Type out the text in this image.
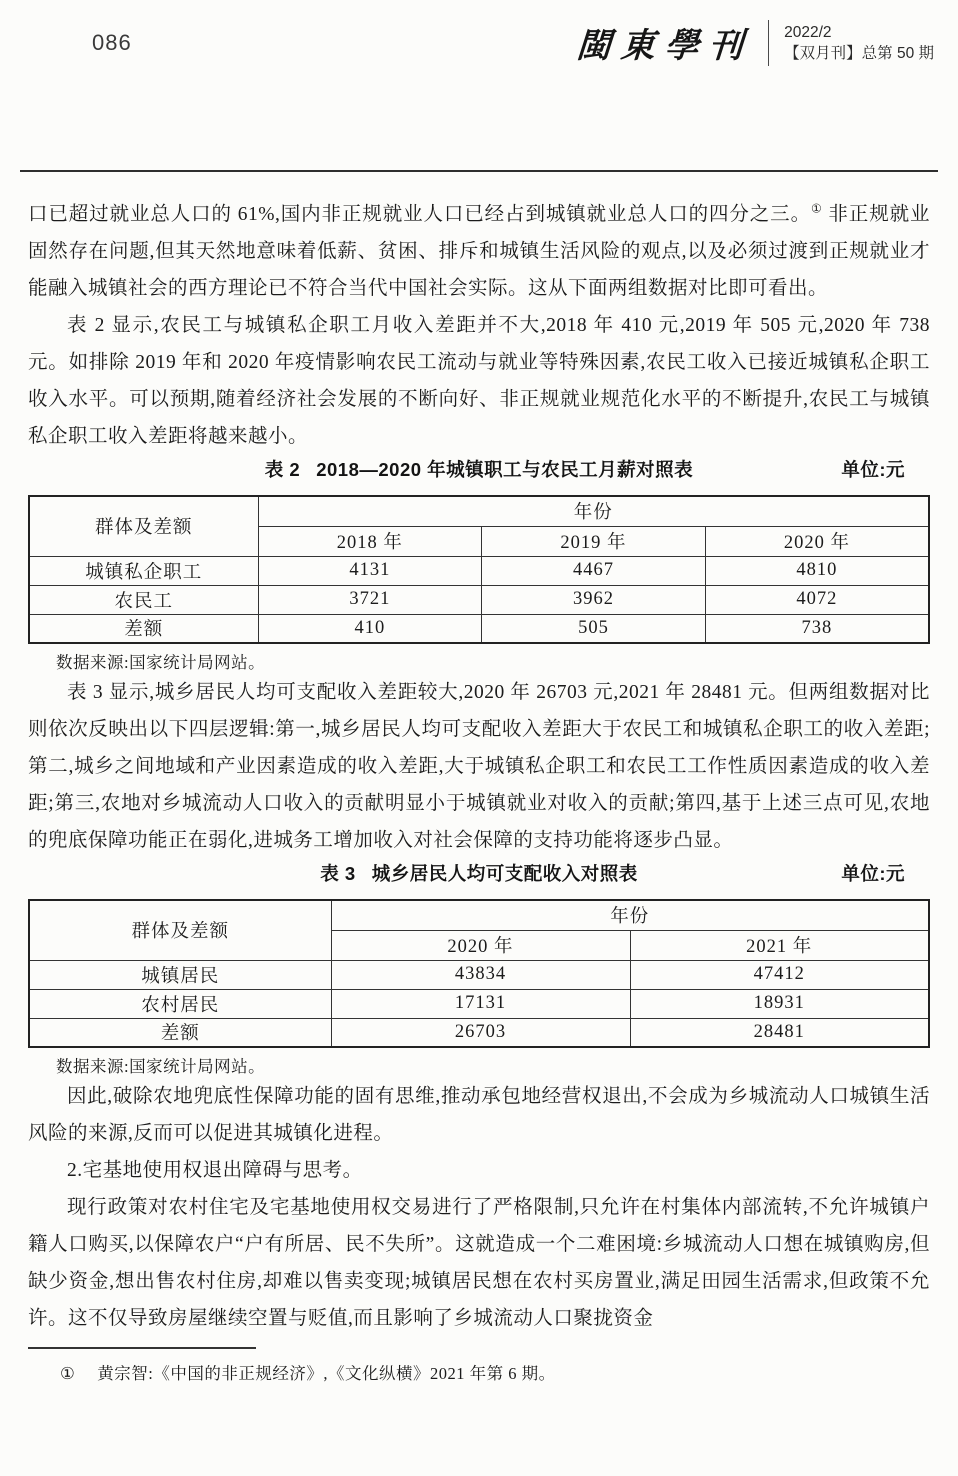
086	閩東學刊 2022/2
【双月刊】总第 50 期

口已超过就业总人口的 61%,国内非正规就业人口已经占到城镇就业总人口的四分之三。① 非正规就业固然存在问题,但其天然地意味着低薪、贫困、排斥和城镇生活风险的观点,以及必须过渡到正规就业才能融入城镇社会的西方理论已不符合当代中国社会实际。这从下面两组数据对比即可看出。

表 2 显示,农民工与城镇私企职工月收入差距并不大,2018 年 410 元,2019 年 505 元,2020 年 738 元。如排除 2019 年和 2020 年疫情影响农民工流动与就业等特殊因素,农民工收入已接近城镇私企职工收入水平。可以预期,随着经济社会发展的不断向好、非正规就业规范化水平的不断提升,农民工与城镇私企职工收入差距将越来越小。

表 2 2018—2020 年城镇职工与农民工月薪对照表	单位:元
群体及差额	年份		
	2018 年	2019 年	2020 年
城镇私企职工	4131	4467	4810
农民工	3721	3962	4072
差额	410	505	738
数据来源:国家统计局网站。

表 3 显示,城乡居民人均可支配收入差距较大,2020 年 26703 元,2021 年 28481 元。但两组数据对比则依次反映出以下四层逻辑:第一,城乡居民人均可支配收入差距大于农民工和城镇私企职工的收入差距;第二,城乡之间地域和产业因素造成的收入差距,大于城镇私企职工和农民工工作性质因素造成的收入差距;第三,农地对乡城流动人口收入的贡献明显小于城镇就业对收入的贡献;第四,基于上述三点可见,农地的兜底保障功能正在弱化,进城务工增加收入对社会保障的支持功能将逐步凸显。

表 3 城乡居民人均可支配收入对照表	单位:元
群体及差额	年份	
	2020 年	2021 年
城镇居民	43834	47412
农村居民	17131	18931
差额	26703	28481
数据来源:国家统计局网站。

因此,破除农地兜底性保障功能的固有思维,推动承包地经营权退出,不会成为乡城流动人口城镇生活风险的来源,反而可以促进其城镇化进程。

2.宅基地使用权退出障碍与思考。

现行政策对农村住宅及宅基地使用权交易进行了严格限制,只允许在村集体内部流转,不允许城镇户籍人口购买,以保障农户“户有所居、民不失所”。这就造成一个二难困境:乡城流动人口想在城镇购房,但缺少资金,想出售农村住房,却难以售卖变现;城镇居民想在农村买房置业,满足田园生活需求,但政策不允许。这不仅导致房屋继续空置与贬值,而且影响了乡城流动人口聚拢资金

① 黄宗智:《中国的非正规经济》,《文化纵横》2021 年第 6 期。
